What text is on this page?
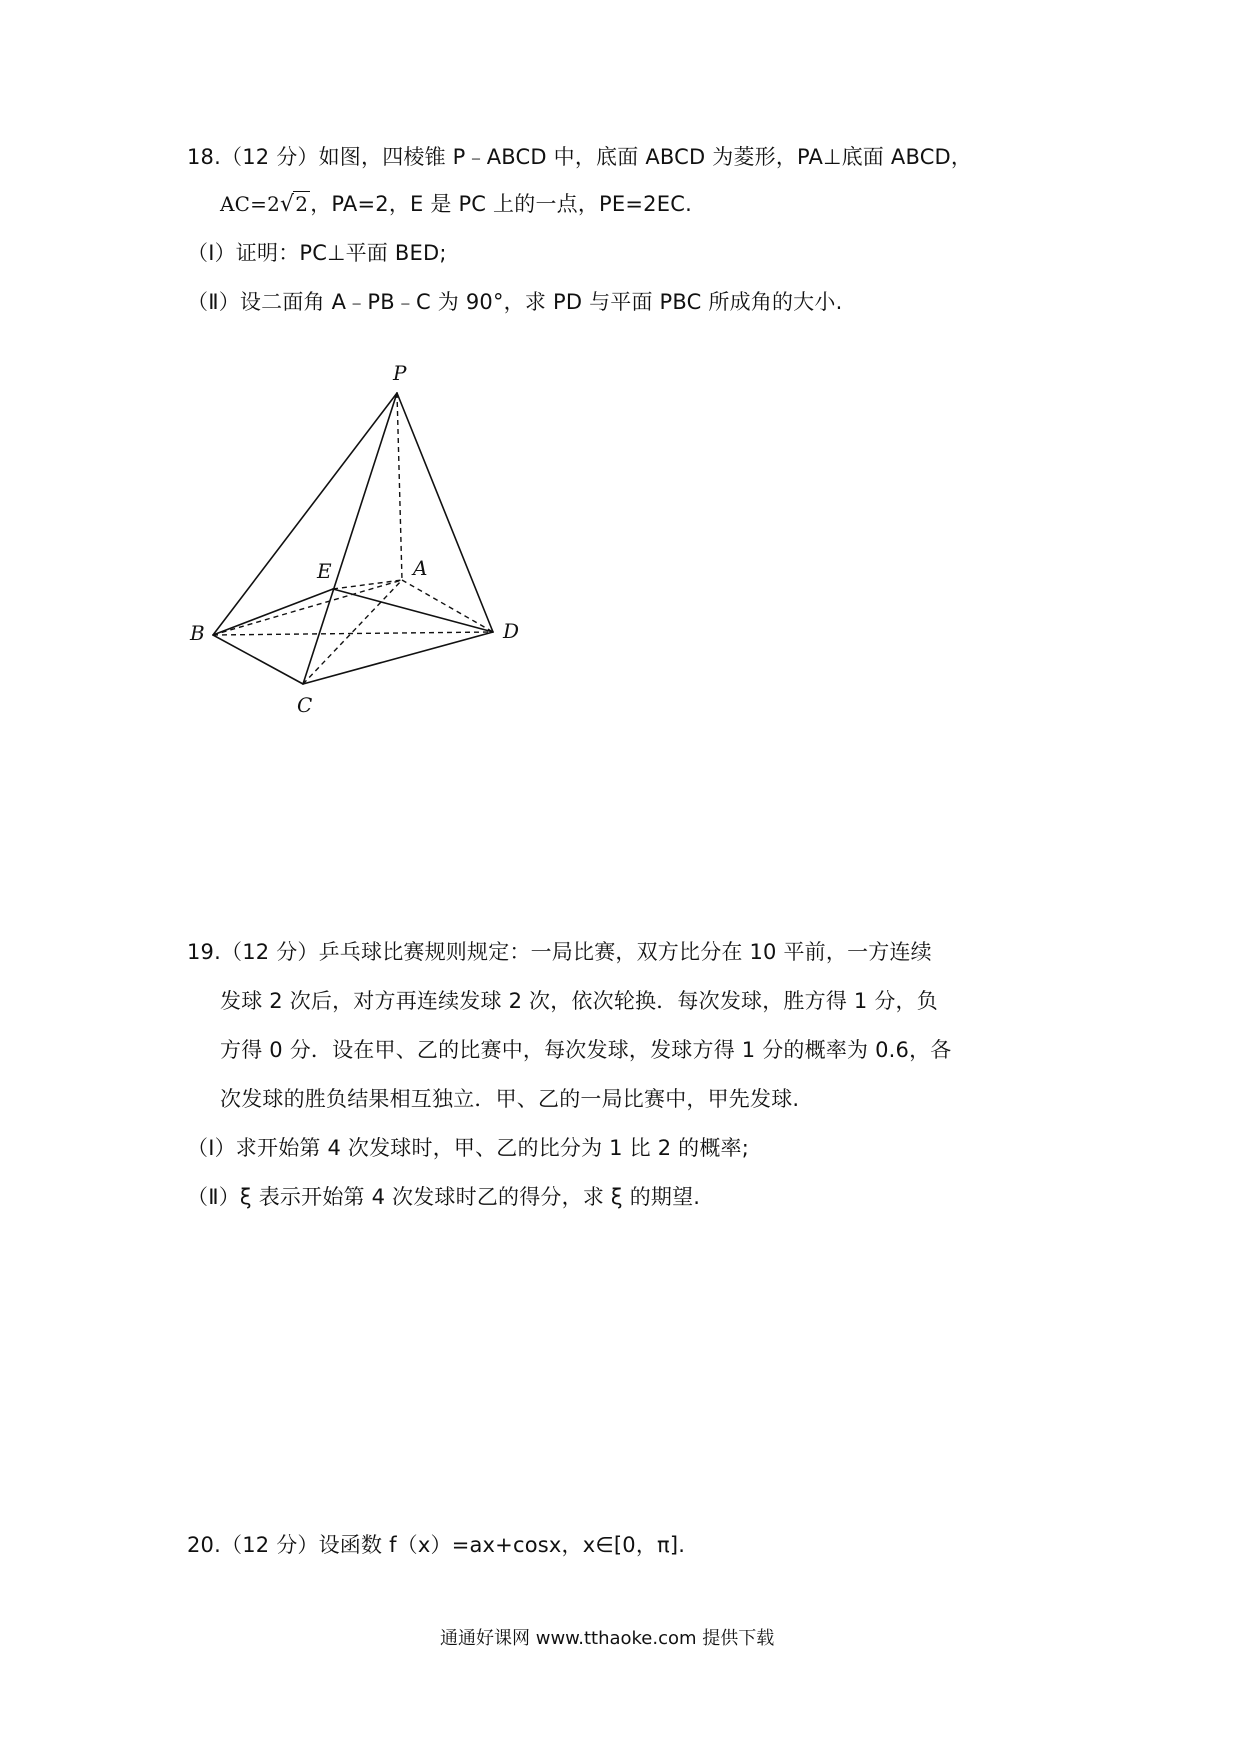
18.（12 分）如图，四棱锥 P﹣ABCD 中，底面 ABCD 为菱形，PA⊥底面 ABCD，
AC=2√2，PA=2，E 是 PC 上的一点，PE=2EC.
（Ⅰ）证明：PC⊥平面 BED;
（Ⅱ）设二面角 A﹣PB﹣C 为 90°，求 PD 与平面 PBC 所成角的大小.
P
E	A
B	D
C
19.（12 分）乒乓球比赛规则规定：一局比赛，双方比分在 10 平前，一方连续
发球 2 次后，对方再连续发球 2 次，依次轮换．每次发球，胜方得 1 分，负
方得 0 分．设在甲、乙的比赛中，每次发球，发球方得 1 分的概率为 0.6，各
次发球的胜负结果相互独立．甲、乙的一局比赛中，甲先发球.
（Ⅰ）求开始第 4 次发球时，甲、乙的比分为 1 比 2 的概率;
（Ⅱ）ξ 表示开始第 4 次发球时乙的得分，求 ξ 的期望.
20.（12 分）设函数 f（x）=ax+cosx，x∈[0，π].
通通好课网 www.tthaoke.com 提供下载
